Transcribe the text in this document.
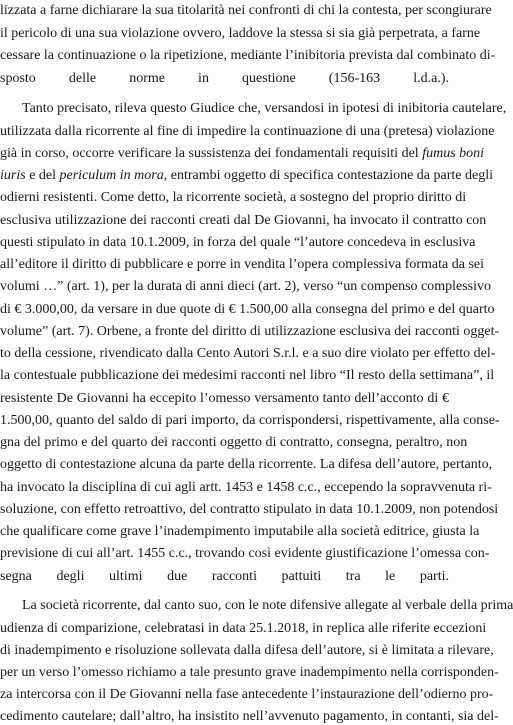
lizzata a farne dichiarare la sua titolarità nei confronti di chi la contesta, per scongiurare
il pericolo di una sua violazione ovvero, laddove la stessa si sia già perpetrata, a farne
cessare la continuazione o la ripetizione, mediante l’inibitoria prevista dal combinato di-
sposto delle norme in questione (156-163 l.d.a.).
Tanto precisato, rileva questo Giudice che, versandosi in ipotesi di inibitoria cautelare,
utilizzata dalla ricorrente al fine di impedire la continuazione di una (pretesa) violazione
già in corso, occorre verificare la sussistenza dei fondamentali requisiti del fumus boni
iuris e del periculum in mora, entrambi oggetto di specifica contestazione da parte degli
odierni resistenti. Come detto, la ricorrente società, a sostegno del proprio diritto di
esclusiva utilizzazione dei racconti creati dal De Giovanni, ha invocato il contratto con
questi stipulato in data 10.1.2009, in forza del quale “l’autore concedeva in esclusiva
all’editore il diritto di pubblicare e porre in vendita l’opera complessiva formata da sei
volumi …” (art. 1), per la durata di anni dieci (art. 2), verso “un compenso complessivo
di € 3.000,00, da versare in due quote di € 1.500,00 alla consegna del primo e del quarto
volume” (art. 7). Orbene, a fronte del diritto di utilizzazione esclusiva dei racconti ogget-
to della cessione, rivendicato dalla Cento Autori S.r.l. e a suo dire violato per effetto del-
la contestuale pubblicazione dei medesimi racconti nel libro “Il resto della settimana”, il
resistente De Giovanni ha eccepito l’omesso versamento tanto dell’acconto di €
1.500,00, quanto del saldo di pari importo, da corrispondersi, rispettivamente, alla conse-
gna del primo e del quarto dei racconti oggetto di contratto, consegna, peraltro, non
oggetto di contestazione alcuna da parte della ricorrente. La difesa dell’autore, pertanto,
ha invocato la disciplina di cui agli artt. 1453 e 1458 c.c., eccependo la sopravvenuta ri-
soluzione, con effetto retroattivo, del contratto stipulato in data 10.1.2009, non potendosi
che qualificare come grave l’inadempimento imputabile alla società editrice, giusta la
previsione di cui all’art. 1455 c.c., trovando così evidente giustificazione l’omessa con-
segna degli ultimi due racconti pattuiti tra le parti.
La società ricorrente, dal canto suo, con le note difensive allegate al verbale della prima
udienza di comparizione, celebratasi in data 25.1.2018, in replica alle riferite eccezioni
di inadempimento e risoluzione sollevata dalla difesa dell’autore, si è limitata a rilevare,
per un verso l’omesso richiamo a tale presunto grave inadempimento nella corrisponden-
za intercorsa con il De Giovanni nella fase antecedente l’instaurazione dell’odierno pro-
cedimento cautelare; dall’altro, ha insistito nell’avvenuto pagamento, in contanti, sia del-
